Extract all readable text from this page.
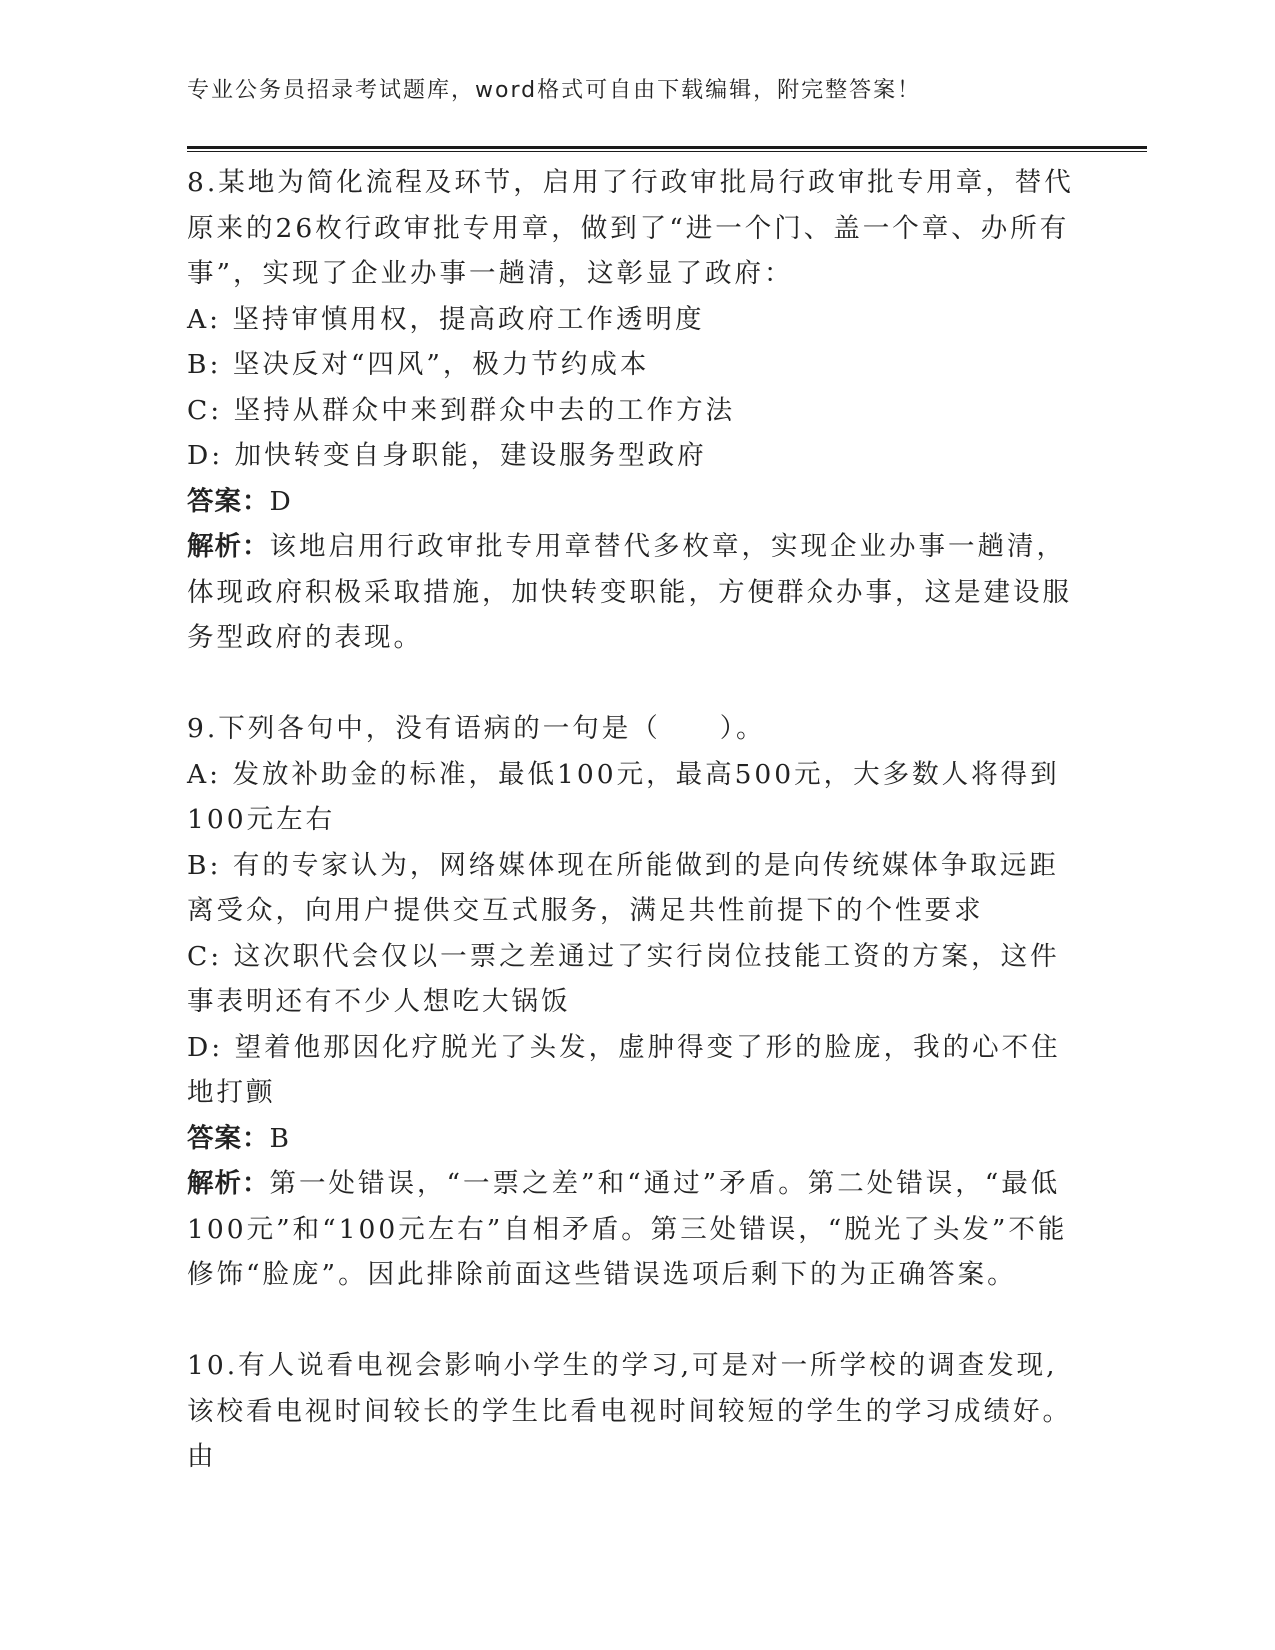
专业公务员招录考试题库，word格式可自由下载编辑，附完整答案！

8.某地为简化流程及环节，启用了行政审批局行政审批专用章，替代原来的26枚行政审批专用章，做到了“进一个门、盖一个章、办所有事”，实现了企业办事一趟清，这彰显了政府：

A: 坚持审慎用权，提高政府工作透明度

B: 坚决反对“四风”，极力节约成本

C: 坚持从群众中来到群众中去的工作方法

D: 加快转变自身职能，建设服务型政府

答案：D

解析：该地启用行政审批专用章替代多枚章，实现企业办事一趟清，体现政府积极采取措施，加快转变职能，方便群众办事，这是建设服务型政府的表现。

9.下列各句中，没有语病的一句是（　　）。

A: 发放补助金的标准，最低100元，最高500元，大多数人将得到100元左右

B: 有的专家认为，网络媒体现在所能做到的是向传统媒体争取远距离受众，向用户提供交互式服务，满足共性前提下的个性要求

C: 这次职代会仅以一票之差通过了实行岗位技能工资的方案，这件事表明还有不少人想吃大锅饭

D: 望着他那因化疗脱光了头发，虚肿得变了形的脸庞，我的心不住地打颤

答案：B

解析：第一处错误，“一票之差”和“通过”矛盾。第二处错误，“最低100元”和“100元左右”自相矛盾。第三处错误，“脱光了头发”不能修饰“脸庞”。因此排除前面这些错误选项后剩下的为正确答案。

10.有人说看电视会影响小学生的学习,可是对一所学校的调查发现,该校看电视时间较长的学生比看电视时间较短的学生的学习成绩好。由
